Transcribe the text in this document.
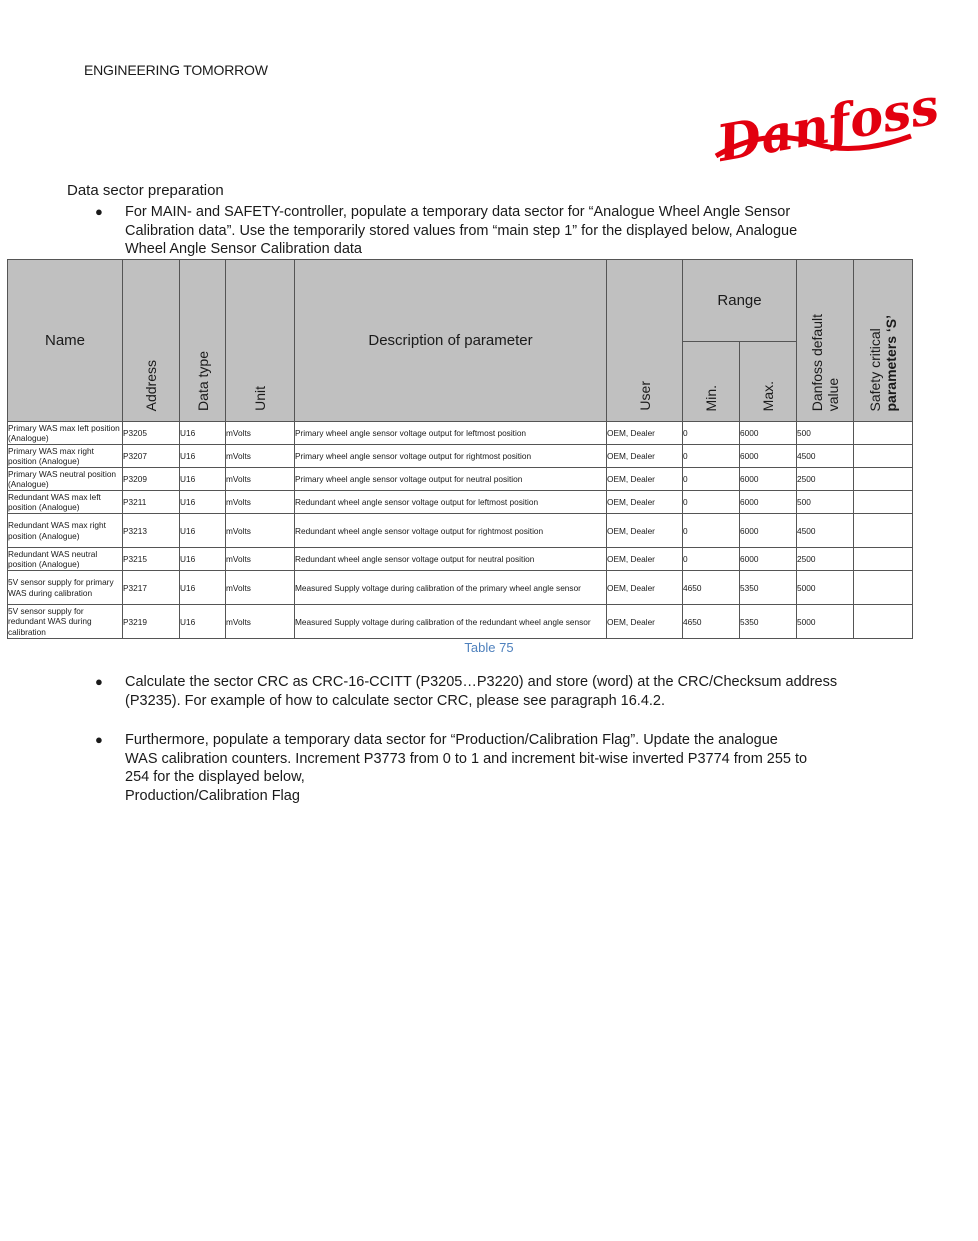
ENGINEERING TOMORROW
Danfoss
Data sector preparation
●	For MAIN- and SAFETY-controller, populate a temporary data sector for “Analogue Wheel Angle Sensor

Calibration data”. Use the temporarily stored values from “main step 1” for the displayed below, Analogue

Wheel Angle Sensor Calibration data

Name	Address	Data type	Unit	Description of parameter	User	Range		Danfoss default
value	Safety critical
parameters ‘S’

						Min.	Max.		

Primary WAS max left position (Analogue)	P3205	U16	mVolts	Primary wheel angle sensor voltage output for leftmost position	OEM, Dealer	0	6000	500	
Primary WAS max right position (Analogue)	P3207	U16	mVolts	Primary wheel angle sensor voltage output for rightmost position	OEM, Dealer	0	6000	4500	
Primary WAS neutral position (Analogue)	P3209	U16	mVolts	Primary wheel angle sensor voltage output for neutral position	OEM, Dealer	0	6000	2500	
Redundant WAS max left position (Analogue)	P3211	U16	mVolts	Redundant wheel angle sensor voltage output for leftmost position	OEM, Dealer	0	6000	500	
Redundant WAS max right position (Analogue)	P3213	U16	mVolts	Redundant wheel angle sensor voltage output for rightmost position	OEM, Dealer	0	6000	4500	
Redundant WAS neutral position (Analogue)	P3215	U16	mVolts	Redundant wheel angle sensor voltage output for neutral position	OEM, Dealer	0	6000	2500	
5V sensor supply for primary WAS during calibration	P3217	U16	mVolts	Measured Supply voltage during calibration of the primary wheel angle sensor	OEM, Dealer	4650	5350	5000	
5V sensor supply for redundant WAS during calibration	P3219	U16	mVolts	Measured Supply voltage during calibration of the redundant wheel angle sensor	OEM, Dealer	4650	5350	5000	
Table 75
●	Calculate the sector CRC as CRC-16-CCITT (P3205…P3220) and store (word) at the CRC/Checksum address

(P3235). For example of how to calculate sector CRC, please see paragraph 16.4.2.

●	Furthermore, populate a temporary data sector for “Production/Calibration Flag”. Update the analogue

WAS calibration counters. Increment P3773 from 0 to 1 and increment bit-wise inverted P3774 from 255 to

254 for the displayed below,

Production/Calibration Flag
